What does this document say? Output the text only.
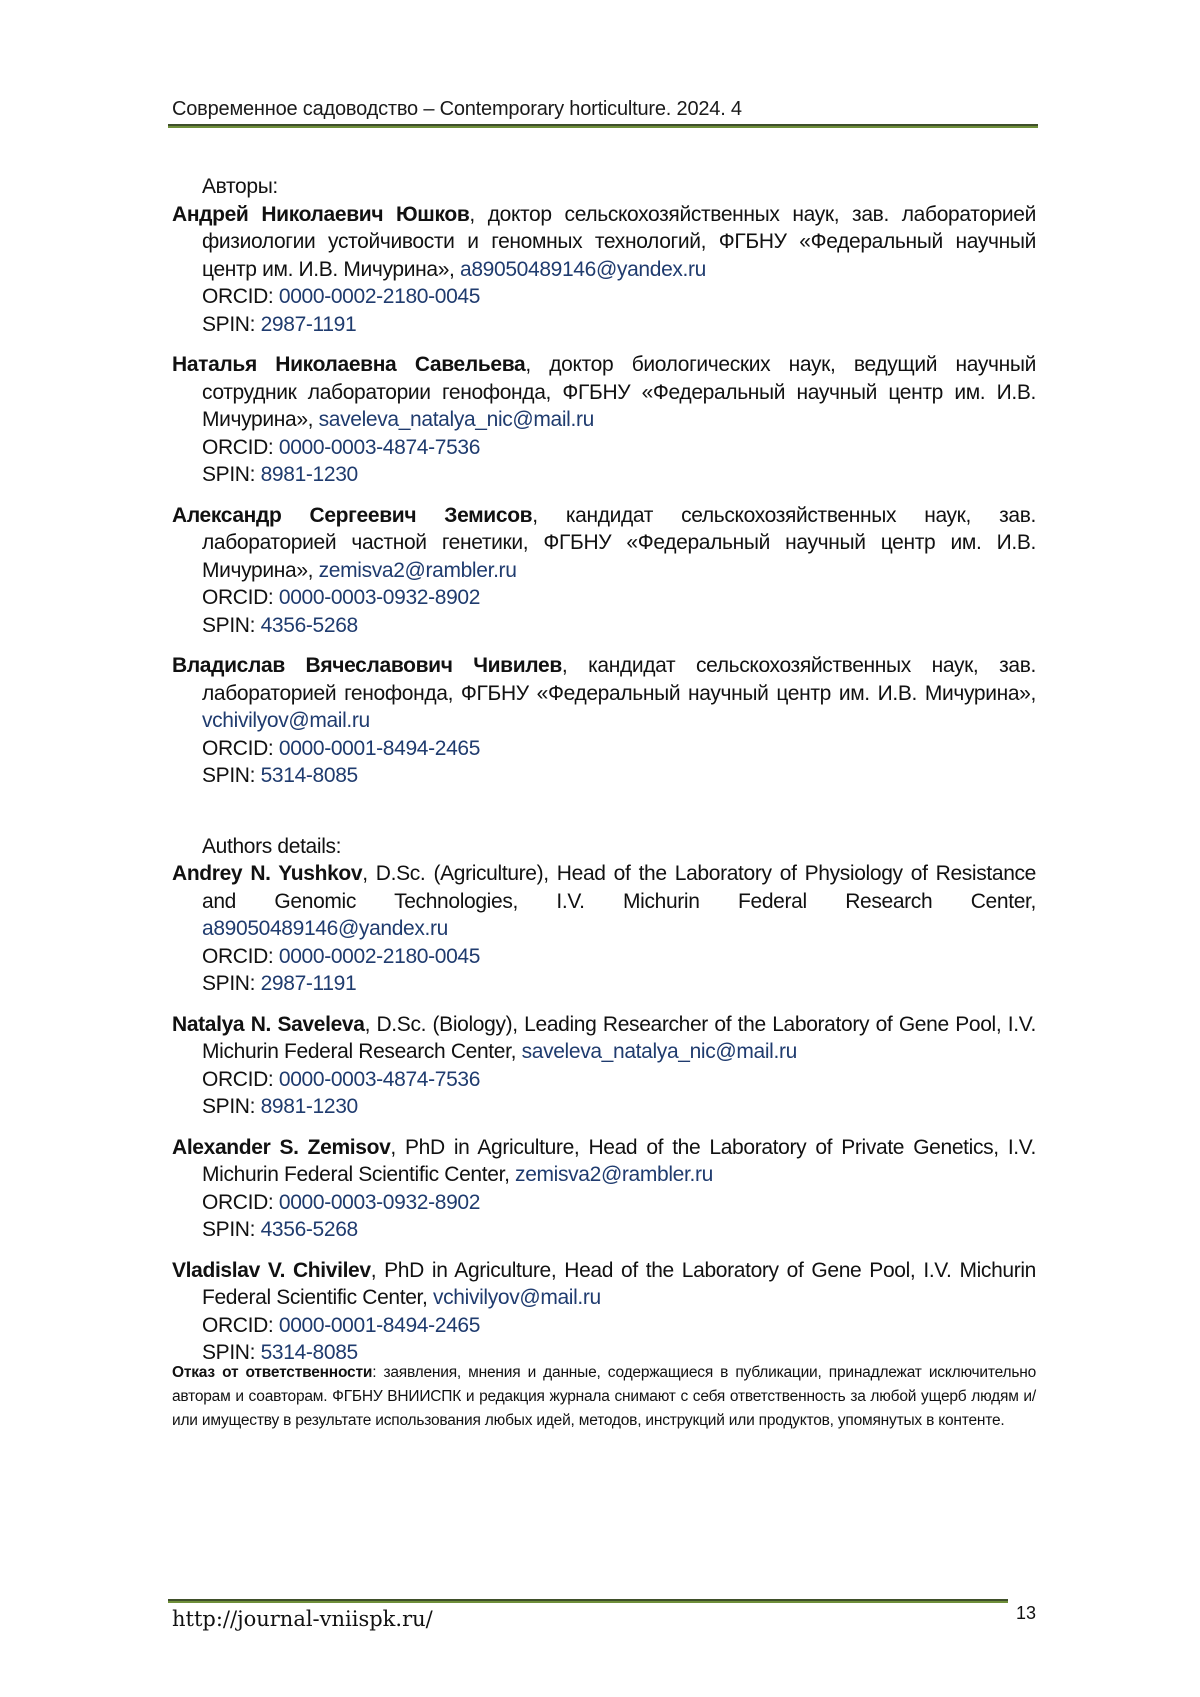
Современное садоводство – Contemporary horticulture. 2024. 4
Авторы:

Андрей Николаевич Юшков, доктор сельскохозяйственных наук, зав. лабораторией физиологии устойчивости и геномных технологий, ФГБНУ «Федеральный научный центр им. И.В. Мичурина», a89050489146@yandex.ru

ORCID: 0000-0002-2180-0045
SPIN: 2987-1191

Наталья Николаевна Савельева, доктор биологических наук, ведущий научный сотрудник лаборатории генофонда, ФГБНУ «Федеральный научный центр им. И.В. Мичурина», saveleva_natalya_nic@mail.ru

ORCID: 0000-0003-4874-7536
SPIN: 8981-1230

Александр Сергеевич Земисов, кандидат сельскохозяйственных наук, зав. лабораторией частной генетики, ФГБНУ «Федеральный научный центр им. И.В. Мичурина», zemisva2@rambler.ru

ORCID: 0000-0003-0932-8902
SPIN: 4356-5268

Владислав Вячеславович Чивилев, кандидат сельскохозяйственных наук, зав. лабораторией генофонда, ФГБНУ «Федеральный научный центр им. И.В. Мичурина», vchivilyov@mail.ru

ORCID: 0000-0001-8494-2465
SPIN: 5314-8085
Authors details:

Andrey N. Yushkov, D.Sc. (Agriculture), Head of the Laboratory of Physiology of Resistance and Genomic Technologies, I.V. Michurin Federal Research Center, a89050489146@yandex.ru

ORCID: 0000-0002-2180-0045
SPIN: 2987-1191

Natalya N. Saveleva, D.Sc. (Biology), Leading Researcher of the Laboratory of Gene Pool, I.V. Michurin Federal Research Center, saveleva_natalya_nic@mail.ru

ORCID: 0000-0003-4874-7536
SPIN: 8981-1230

Alexander S. Zemisov, PhD in Agriculture, Head of the Laboratory of Private Genetics, I.V. Michurin Federal Scientific Center, zemisva2@rambler.ru

ORCID: 0000-0003-0932-8902
SPIN: 4356-5268

Vladislav V. Chivilev, PhD in Agriculture, Head of the Laboratory of Gene Pool, I.V. Michurin Federal Scientific Center, vchivilyov@mail.ru

ORCID: 0000-0001-8494-2465
SPIN: 5314-8085
Отказ от ответственности: заявления, мнения и данные, содержащиеся в публикации, принадлежат исключительно авторам и соавторам. ФГБНУ ВНИИСПК и редакция журнала снимают с себя ответственность за любой ущерб людям и/или имуществу в результате использования любых идей, методов, инструкций или продуктов, упомянутых в контенте.
http://journal-vniispk.ru/	13
